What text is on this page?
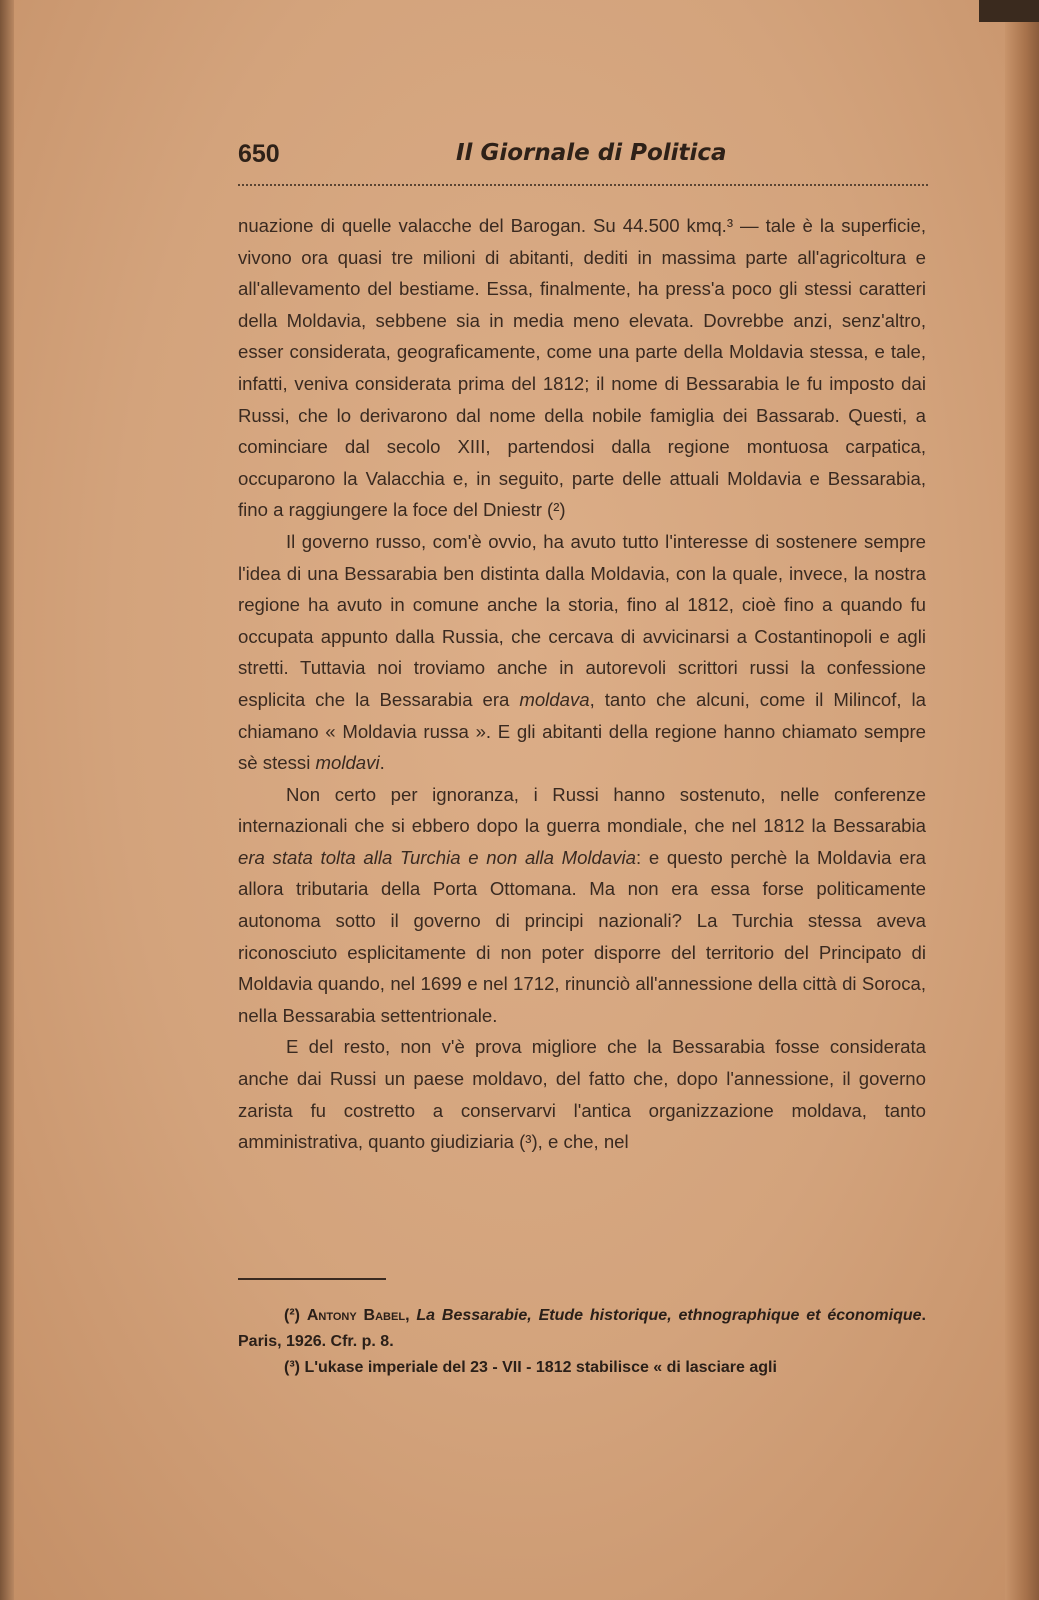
650	Il Giornale di Politica

nuazione di quelle valacche del Barogan. Su 44.500 kmq.³ — tale è la superficie, vivono ora quasi tre milioni di abitanti, dediti in massima parte all'agricoltura e all'allevamento del bestiame. Essa, finalmente, ha press'a poco gli stessi caratteri della Moldavia, sebbene sia in media meno elevata. Dovrebbe anzi, senz'altro, esser considerata, geograficamente, come una parte della Moldavia stessa, e tale, infatti, veniva considerata prima del 1812; il nome di Bessarabia le fu imposto dai Russi, che lo derivarono dal nome della nobile famiglia dei Bassarab. Questi, a cominciare dal secolo XIII, partendosi dalla regione montuosa carpatica, occuparono la Valacchia e, in seguito, parte delle attuali Moldavia e Bessarabia, fino a raggiungere la foce del Dniestr (²)

Il governo russo, com'è ovvio, ha avuto tutto l'interesse di sostenere sempre l'idea di una Bessarabia ben distinta dalla Moldavia, con la quale, invece, la nostra regione ha avuto in comune anche la storia, fino al 1812, cioè fino a quando fu occupata appunto dalla Russia, che cercava di avvicinarsi a Costantinopoli e agli stretti. Tuttavia noi troviamo anche in autorevoli scrittori russi la confessione esplicita che la Bessarabia era moldava, tanto che alcuni, come il Milincof, la chiamano « Moldavia russa ». E gli abitanti della regione hanno chiamato sempre sè stessi moldavi.

Non certo per ignoranza, i Russi hanno sostenuto, nelle conferenze internazionali che si ebbero dopo la guerra mondiale, che nel 1812 la Bessarabia era stata tolta alla Turchia e non alla Moldavia: e questo perchè la Moldavia era allora tributaria della Porta Ottomana. Ma non era essa forse politicamente autonoma sotto il governo di principi nazionali? La Turchia stessa aveva riconosciuto esplicitamente di non poter disporre del territorio del Principato di Moldavia quando, nel 1699 e nel 1712, rinunciò all'annessione della città di Soroca, nella Bessarabia settentrionale.

E del resto, non v'è prova migliore che la Bessarabia fosse considerata anche dai Russi un paese moldavo, del fatto che, dopo l'annessione, il governo zarista fu costretto a conservarvi l'antica organizzazione moldava, tanto amministrativa, quanto giudiziaria (³), e che, nel

(²) Antony Babel, La Bessarabie, Etude historique, ethnographique et économique. Paris, 1926. Cfr. p. 8.

(³) L'ukase imperiale del 23 - VII - 1812 stabilisce « di lasciare agli
